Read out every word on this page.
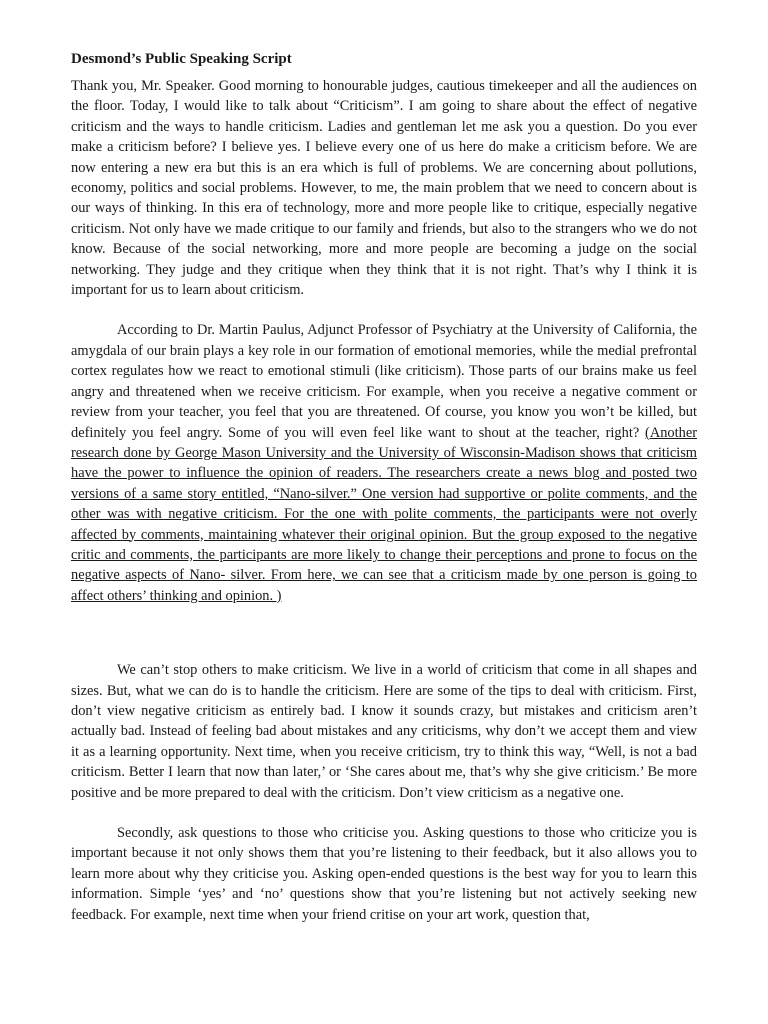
Desmond’s Public Speaking Script

Thank you, Mr. Speaker. Good morning to honourable judges, cautious timekeeper and all the audiences on the floor. Today, I would like to talk about “Criticism”. I am going to share about the effect of negative criticism and the ways to handle criticism. Ladies and gentleman let me ask you a question. Do you ever make a criticism before? I believe yes. I believe every one of us here do make a criticism before. We are now entering a new era but this is an era which is full of problems. We are concerning about pollutions, economy, politics and social problems. However, to me, the main problem that we need to concern about is our ways of thinking. In this era of technology, more and more people like to critique, especially negative criticism. Not only have we made critique to our family and friends, but also to the strangers who we do not know. Because of the social networking, more and more people are becoming a judge on the social networking. They judge and they critique when they think that it is not right. That’s why I think it is important for us to learn about criticism.

According to Dr. Martin Paulus, Adjunct Professor of Psychiatry at the University of California, the amygdala of our brain plays a key role in our formation of emotional memories, while the medial prefrontal cortex regulates how we react to emotional stimuli (like criticism). Those parts of our brains make us feel angry and threatened when we receive criticism. For example, when you receive a negative comment or review from your teacher, you feel that you are threatened. Of course, you know you won’t be killed, but definitely you feel angry. Some of you will even feel like want to shout at the teacher, right? (Another research done by George Mason University and the University of Wisconsin-Madison shows that criticism have the power to influence the opinion of readers. The researchers create a news blog and posted two versions of a same story entitled, “Nano-silver.” One version had supportive or polite comments, and the other was with negative criticism. For the one with polite comments, the participants were not overly affected by comments, maintaining whatever their original opinion. But the group exposed to the negative critic and comments, the participants are more likely to change their perceptions and prone to focus on the negative aspects of Nano- silver. From here, we can see that a criticism made by one person is going to affect others’ thinking and opinion. )

We can’t stop others to make criticism. We live in a world of criticism that come in all shapes and sizes. But, what we can do is to handle the criticism. Here are some of the tips to deal with criticism. First, don’t view negative criticism as entirely bad. I know it sounds crazy, but mistakes and criticism aren’t actually bad. Instead of feeling bad about mistakes and any criticisms, why don’t we accept them and view it as a learning opportunity. Next time, when you receive criticism, try to think this way, “Well, is not a bad criticism. Better I learn that now than later,’ or ‘She cares about me, that’s why she give criticism.’ Be more positive and be more prepared to deal with the criticism. Don’t view criticism as a negative one.

Secondly, ask questions to those who criticise you. Asking questions to those who criticize you is important because it not only shows them that you’re listening to their feedback, but it also allows you to learn more about why they criticise you. Asking open-ended questions is the best way for you to learn this information. Simple ‘yes’ and ‘no’ questions show that you’re listening but not actively seeking new feedback. For example, next time when your friend critise on your art work, question that,
